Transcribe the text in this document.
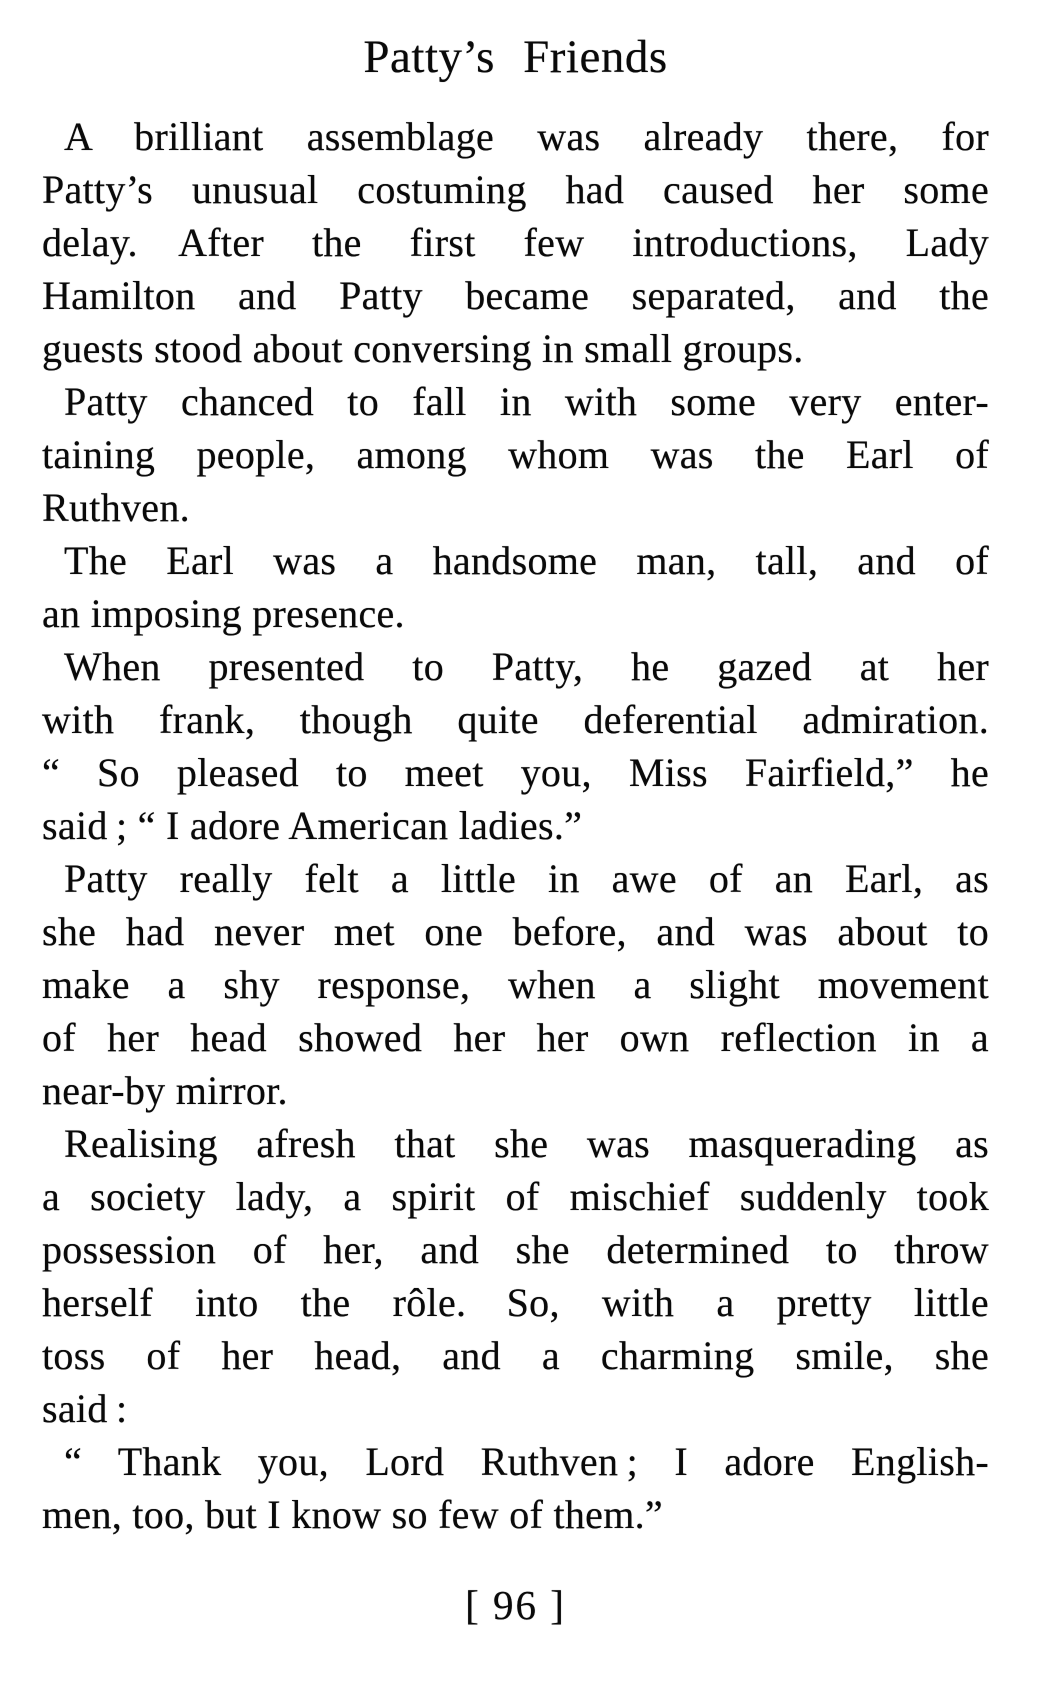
Patty’s Friends
A brilliant assemblage was already there, for
Patty’s unusual costuming had caused her some
delay. After the first few introductions, Lady
Hamilton and Patty became separated, and the
guests stood about conversing in small groups.
Patty chanced to fall in with some very enter-
taining people, among whom was the Earl of
Ruthven.
The Earl was a handsome man, tall, and of
an imposing presence.
When presented to Patty, he gazed at her
with frank, though quite deferential admiration.
“ So pleased to meet you, Miss Fairfield,” he
said ; “ I adore American ladies.”
Patty really felt a little in awe of an Earl, as
she had never met one before, and was about to
make a shy response, when a slight movement
of her head showed her her own reflection in a
near-by mirror.
Realising afresh that she was masquerading as
a society lady, a spirit of mischief suddenly took
possession of her, and she determined to throw
herself into the rôle. So, with a pretty little
toss of her head, and a charming smile, she
said :
“ Thank you, Lord Ruthven ; I adore English-
men, too, but I know so few of them.”
[ 96 ]
